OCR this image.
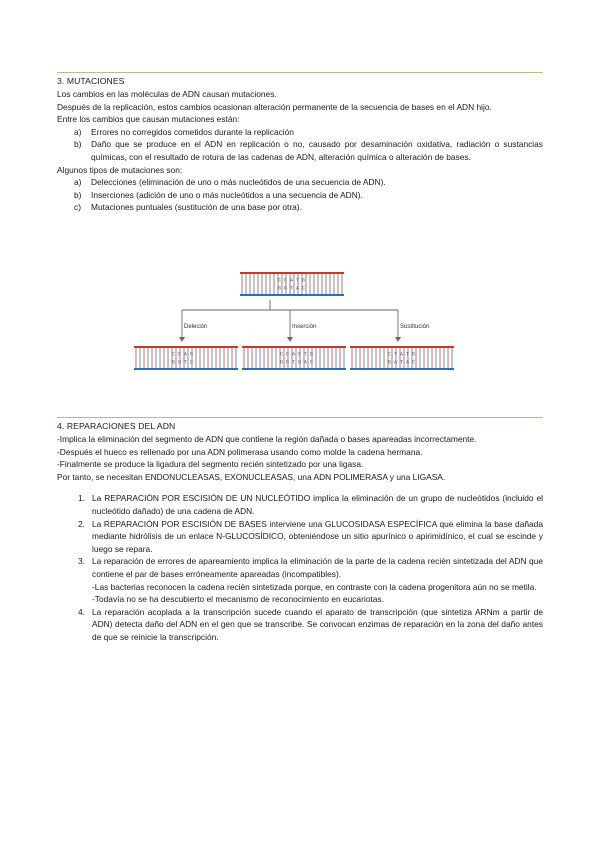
3. MUTACIONES
Los cambios en las moléculas de ADN causan mutaciones.
Después de la replicación, estos cambios ocasionan alteración permanente de la secuencia de bases en el ADN hijo.
Entre los cambios que causan mutaciones están:
a)	Errores no corregidos cometidos durante la replicación
b)	Daño que se produce en el ADN en replicación o no, causado por desaminación oxidativa, radiación o sustancias químicas, con el resultado de rotura de las cadenas de ADN, alteración química o alteración de bases.
Algunos tipos de mutaciones son:
a)	Delecciones (eliminación de uno o más nucleótidos de una secuencia de ADN).
b)	Inserciones (adición de uno o más nucleótidos a una secuencia de ADN).
c)	Mutaciones puntuales (sustitución de una base por otra).
C C A T G
G G T A C
Deleción	Inserción	Sustitución
C C A G
G G T C
C C A C T G
G G T G A C
C T A T G
G A T A C
4. REPARACIONES DEL ADN
-Implica la eliminación del segmento de ADN que contiene la región dañada o bases apareadas incorrectamente.
-Después el hueco es rellenado por una ADN polimerasa usando como molde la cadena hermana.
-Finalmente se produce la ligadura del segmento recién sintetizado por una ligasa.
Por tanto, se necesitan ENDONUCLEASAS, EXONUCLEASAS, una ADN POLIMERASA y una LIGASA.
1. La REPARACIÓN POR ESCISIÓN DE UN NUCLEÓTIDO implica la eliminación de un grupo de nucleótidos (incluido el nucleótido dañado) de una cadena de ADN.
2. La REPARACIÓN POR ESCISIÓN DE BASES interviene una GLUCOSIDASA ESPECÍFICA que elimina la base dañada mediante hidrólisis de un enlace N-GLUCOSÍDICO, obteniéndose un sitio apurínico o apirimidínico, el cual se escinde y luego se repara.
3. La reparación de errores de apareamiento implica la eliminación de la parte de la cadena recién sintetizada del ADN que contiene el par de bases erróneamente apareadas (incompatibles).
-Las bacterias reconocen la cadena recién sintetizada porque, en contraste con la cadena progenitora aún no se metila.
-Todavía no se ha descubierto el mecanismo de reconocimiento en eucariotas.
4. La reparación acoplada a la transcripción sucede cuando el aparato de transcripción (que sintetiza ARNm a partir de ADN) detecta daño del ADN en el gen que se transcribe. Se convocan enzimas de reparación en la zona del daño antes de que se reinicie la transcripción.
